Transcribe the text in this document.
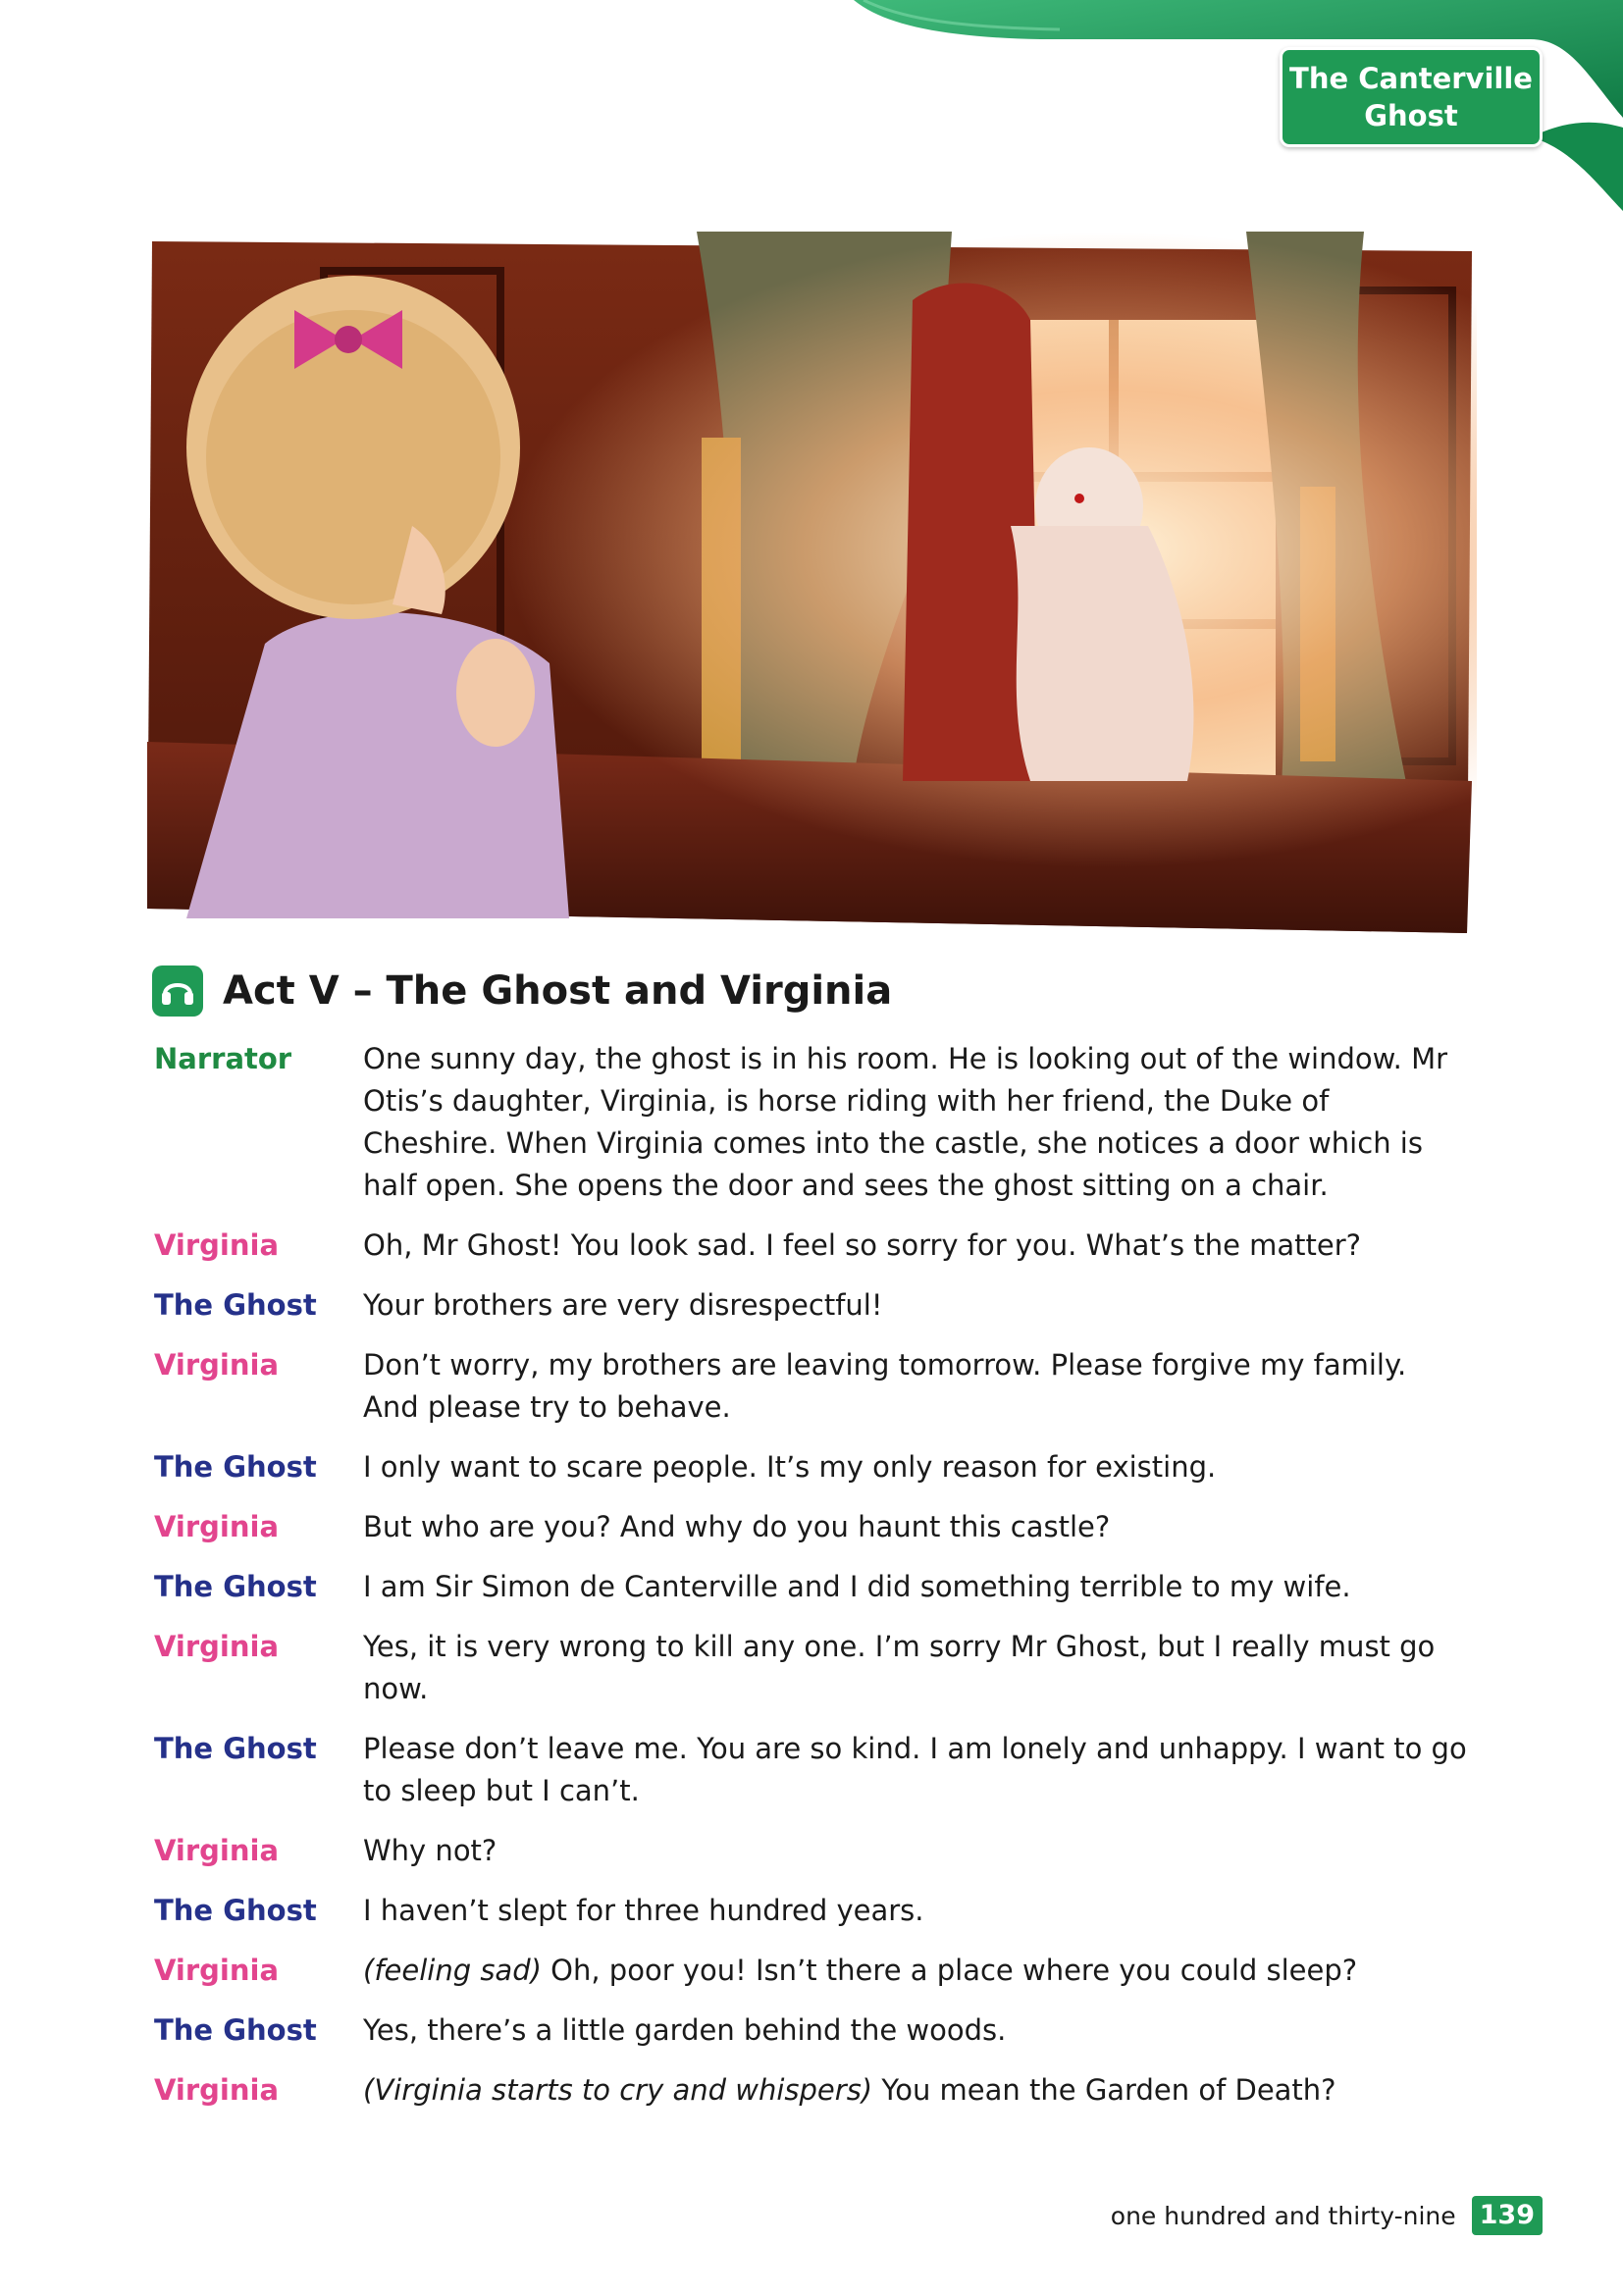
The Canterville
Ghost
Act V – The Ghost and Virginia
Narrator	One sunny day, the ghost is in his room. He is looking out of the window. Mr Otis’s daughter, Virginia, is horse riding with her friend, the Duke of Cheshire. When Virginia comes into the castle, she notices a door which is half open. She opens the door and sees the ghost sitting on a chair.
Virginia	Oh, Mr Ghost! You look sad. I feel so sorry for you. What’s the matter?
The Ghost	Your brothers are very disrespectful!
Virginia	Don’t worry, my brothers are leaving tomorrow. Please forgive my family. And please try to behave.
The Ghost	I only want to scare people. It’s my only reason for existing.
Virginia	But who are you? And why do you haunt this castle?
The Ghost	I am Sir Simon de Canterville and I did something terrible to my wife.
Virginia	Yes, it is very wrong to kill any one. I’m sorry Mr Ghost, but I really must go now.
The Ghost	Please don’t leave me. You are so kind. I am lonely and unhappy. I want to go to sleep but I can’t.
Virginia	Why not?
The Ghost	I haven’t slept for three hundred years.
Virginia	(feeling sad) Oh, poor you! Isn’t there a place where you could sleep?
The Ghost	Yes, there’s a little garden behind the woods.
Virginia	(Virginia starts to cry and whispers) You mean the Garden of Death?
one hundred and thirty-nine 139
